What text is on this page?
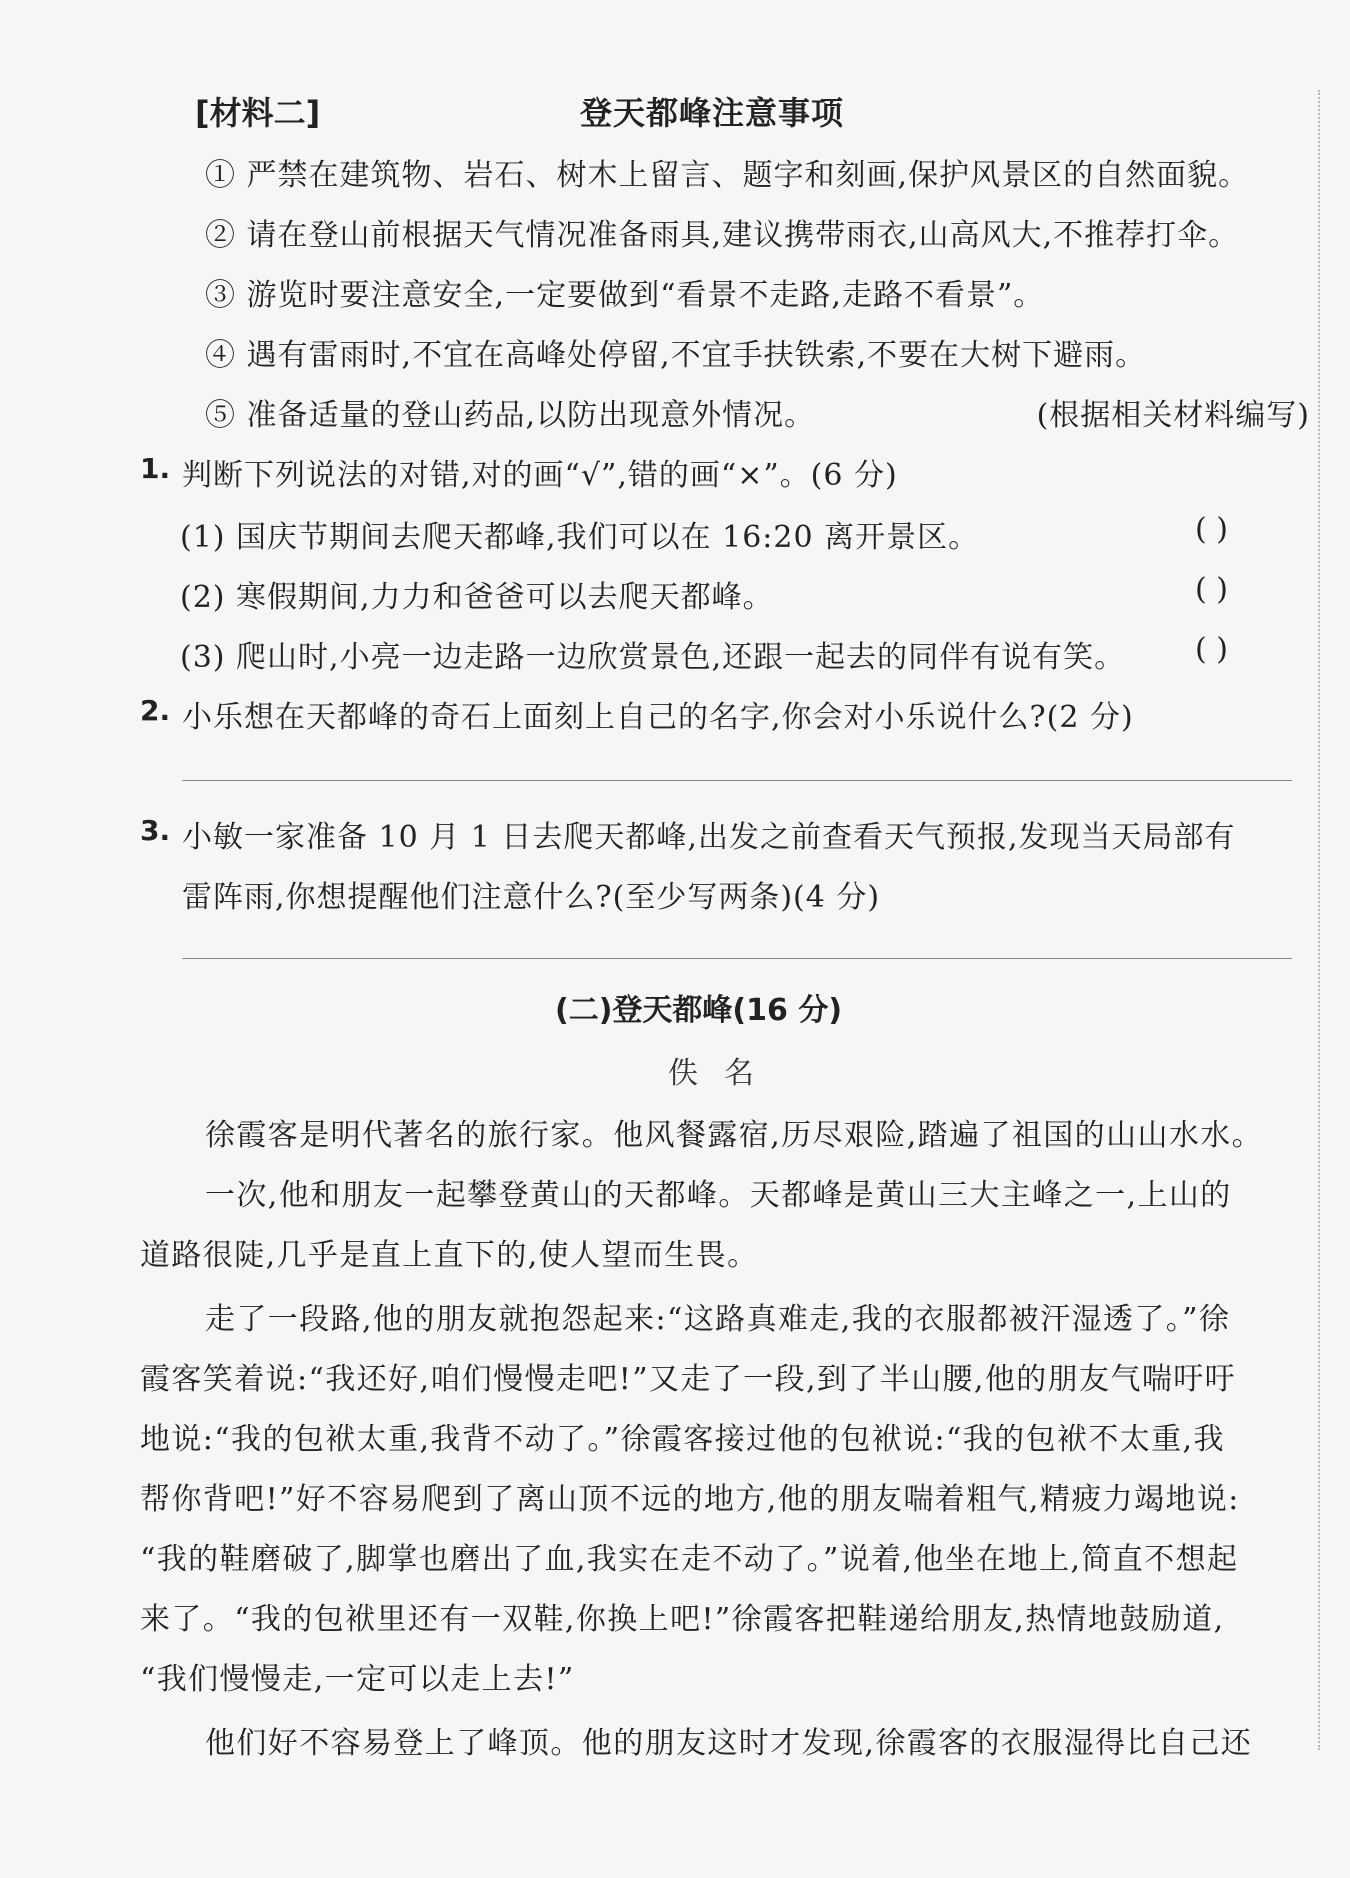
[材料二]	登天都峰注意事项
① 严禁在建筑物、岩石、树木上留言、题字和刻画,保护风景区的自然面貌。
② 请在登山前根据天气情况准备雨具,建议携带雨衣,山高风大,不推荐打伞。
③ 游览时要注意安全,一定要做到“看景不走路,走路不看景”。
④ 遇有雷雨时,不宜在高峰处停留,不宜手扶铁索,不要在大树下避雨。
⑤ 准备适量的登山药品,以防出现意外情况。	(根据相关材料编写)
1. 判断下列说法的对错,对的画“√”,错的画“×”。(6 分)
(1) 国庆节期间去爬天都峰,我们可以在 16:20 离开景区。	( )
(2) 寒假期间,力力和爸爸可以去爬天都峰。	( )
(3) 爬山时,小亮一边走路一边欣赏景色,还跟一起去的同伴有说有笑。 ( )
2. 小乐想在天都峰的奇石上面刻上自己的名字,你会对小乐说什么?(2 分)
3. 小敏一家准备 10 月 1 日去爬天都峰,出发之前查看天气预报,发现当天局部有
雷阵雨,你想提醒他们注意什么?(至少写两条)(4 分)
(二)登天都峰(16 分)
佚名
徐霞客是明代著名的旅行家。他风餐露宿,历尽艰险,踏遍了祖国的山山水水。
一次,他和朋友一起攀登黄山的天都峰。天都峰是黄山三大主峰之一,上山的
道路很陡,几乎是直上直下的,使人望而生畏。
走了一段路,他的朋友就抱怨起来:“这路真难走,我的衣服都被汗湿透了。”徐
霞客笑着说:“我还好,咱们慢慢走吧!”又走了一段,到了半山腰,他的朋友气喘吁吁
地说:“我的包袱太重,我背不动了。”徐霞客接过他的包袱说:“我的包袱不太重,我
帮你背吧!”好不容易爬到了离山顶不远的地方,他的朋友喘着粗气,精疲力竭地说:
“我的鞋磨破了,脚掌也磨出了血,我实在走不动了。”说着,他坐在地上,简直不想起
来了。“我的包袱里还有一双鞋,你换上吧!”徐霞客把鞋递给朋友,热情地鼓励道,
“我们慢慢走,一定可以走上去!”
他们好不容易登上了峰顶。他的朋友这时才发现,徐霞客的衣服湿得比自己还
